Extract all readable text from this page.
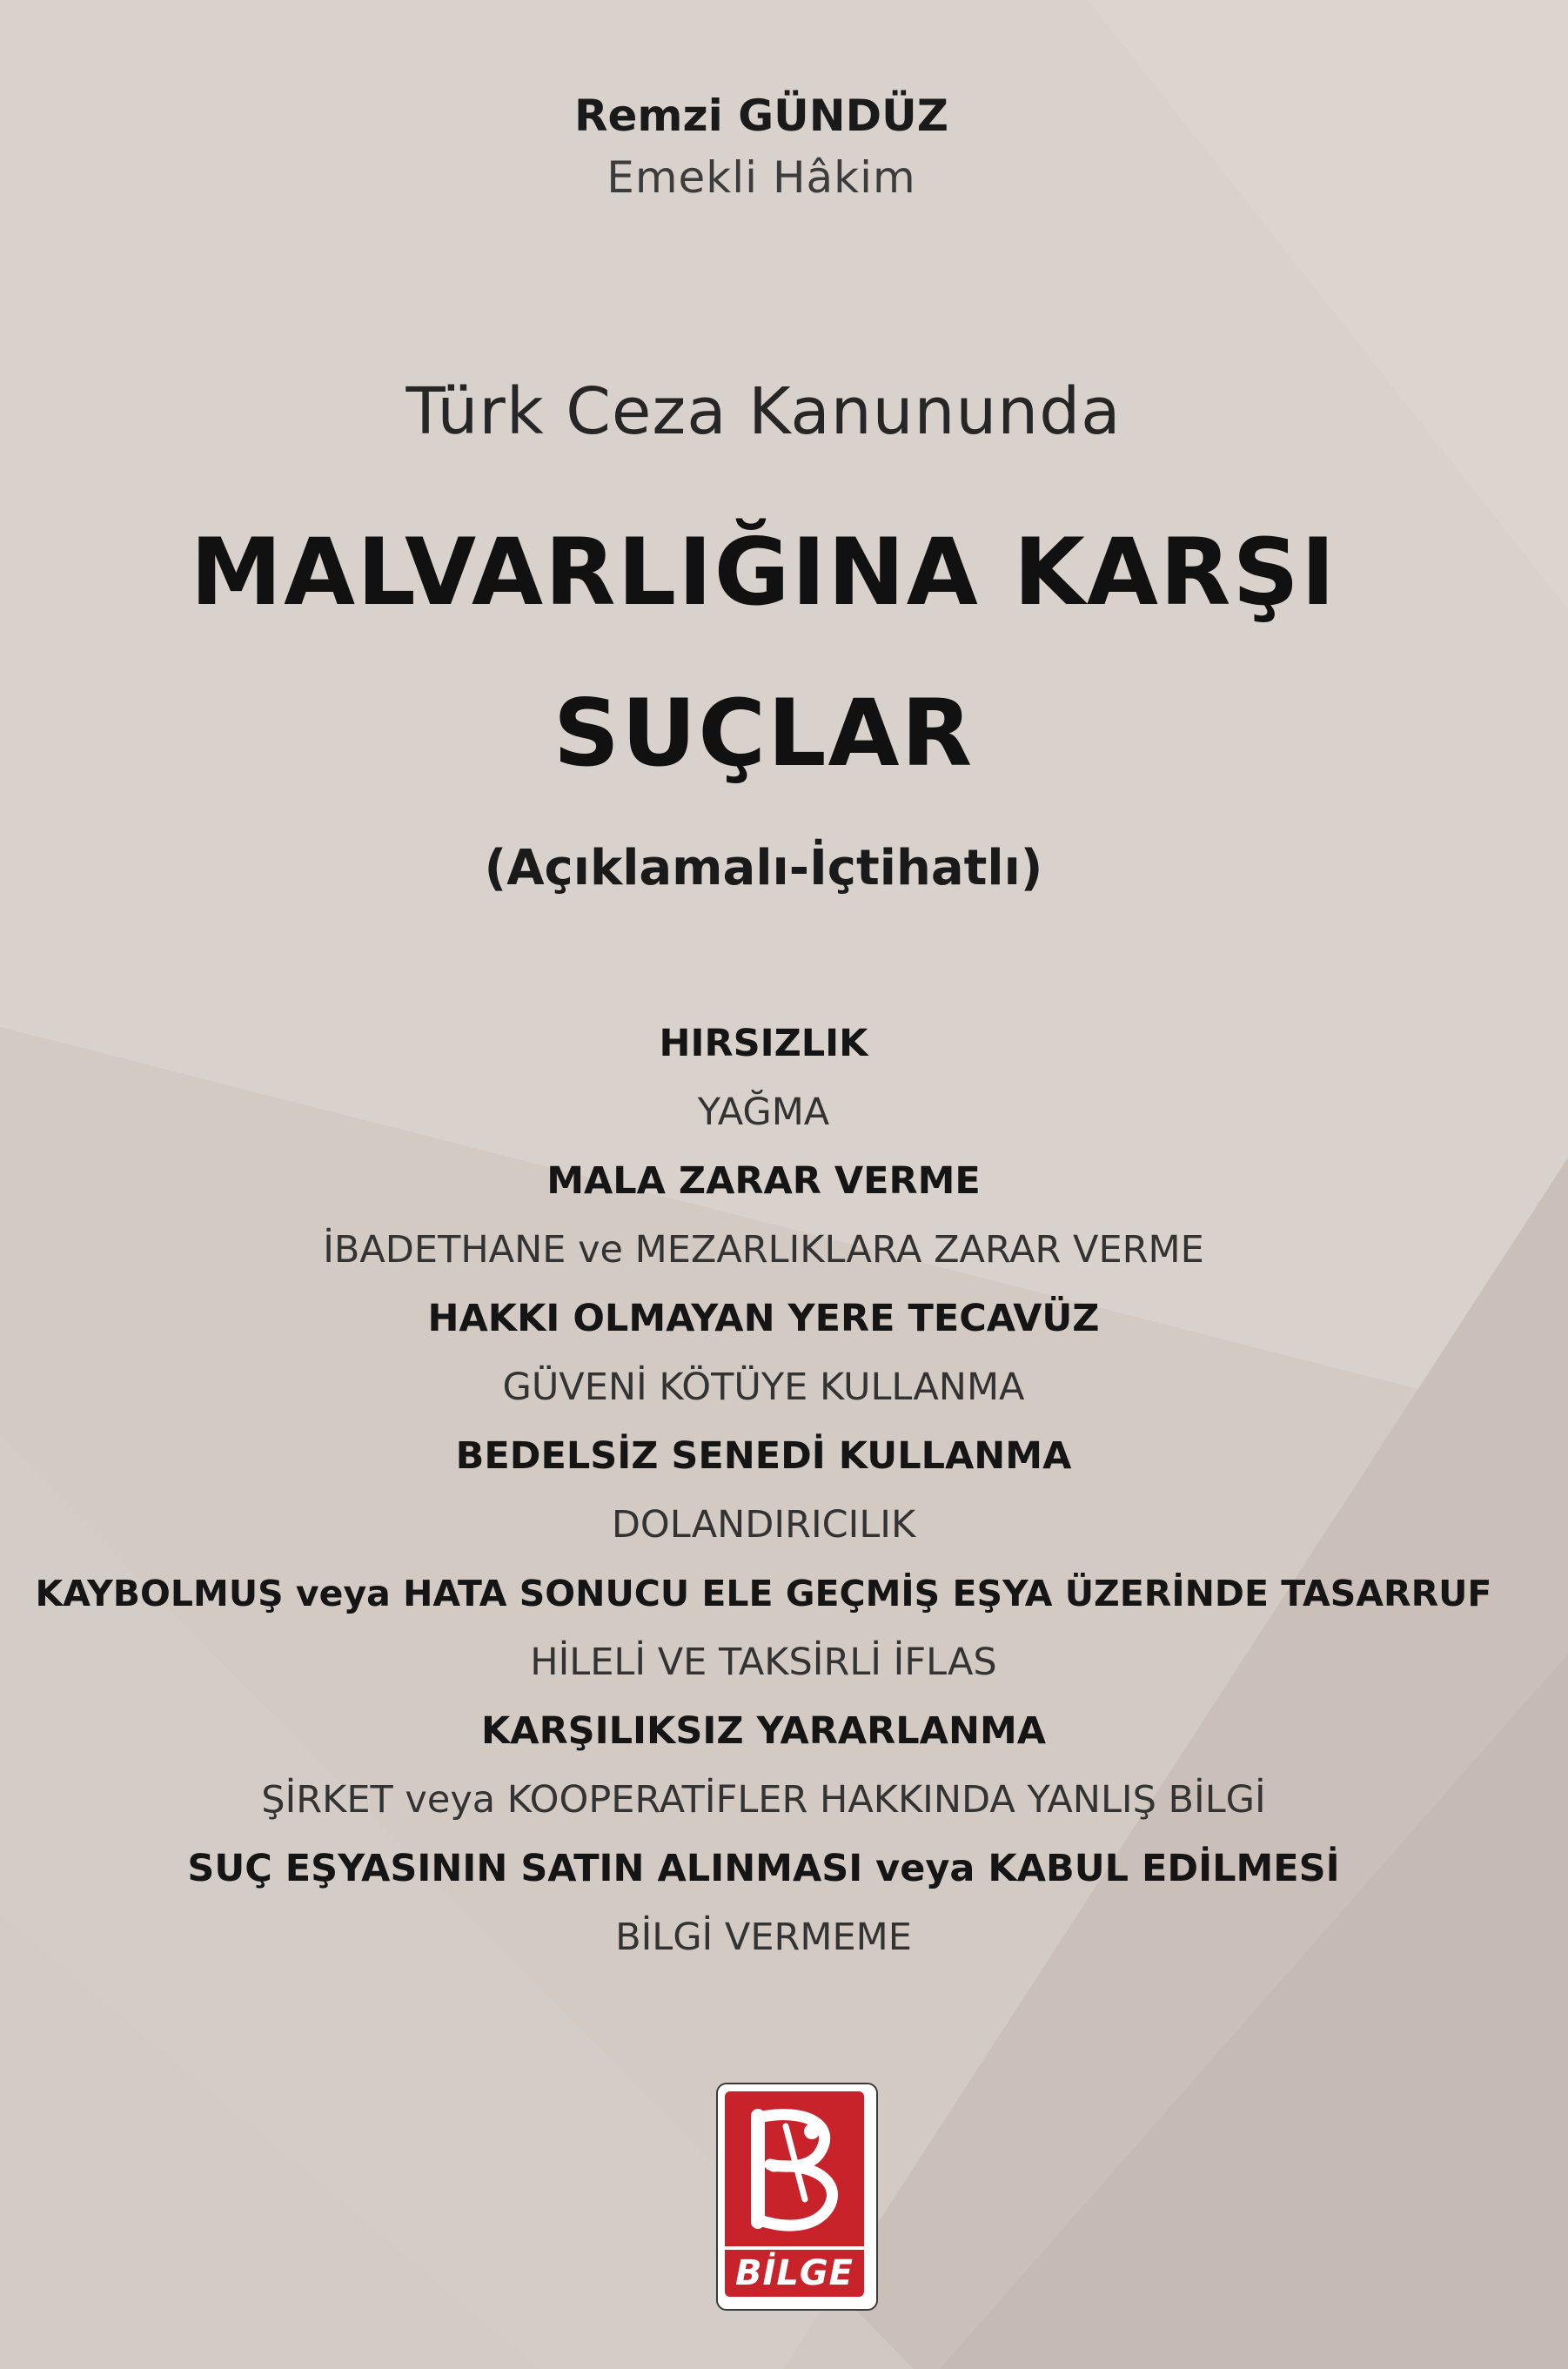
Remzi GÜNDÜZ
Emekli Hâkim
Türk Ceza Kanununda
MALVARLIĞINA KARŞI
SUÇLAR
(Açıklamalı-İçtihatlı)
HIRSIZLIK
YAĞMA
MALA ZARAR VERME
İBADETHANE ve MEZARLIKLARA ZARAR VERME
HAKKI OLMAYAN YERE TECAVÜZ
GÜVENİ KÖTÜYE KULLANMA
BEDELSİZ SENEDİ KULLANMA
DOLANDIRICILIK
KAYBOLMUŞ veya HATA SONUCU ELE GEÇMİŞ EŞYA ÜZERİNDE TASARRUF
HİLELİ VE TAKSİRLİ İFLAS
KARŞILIKSIZ YARARLANMA
ŞİRKET veya KOOPERATİFLER HAKKINDA YANLIŞ BİLGİ
SUÇ EŞYASININ SATIN ALINMASI veya KABUL EDİLMESİ
BİLGİ VERMEME
BİLGE
